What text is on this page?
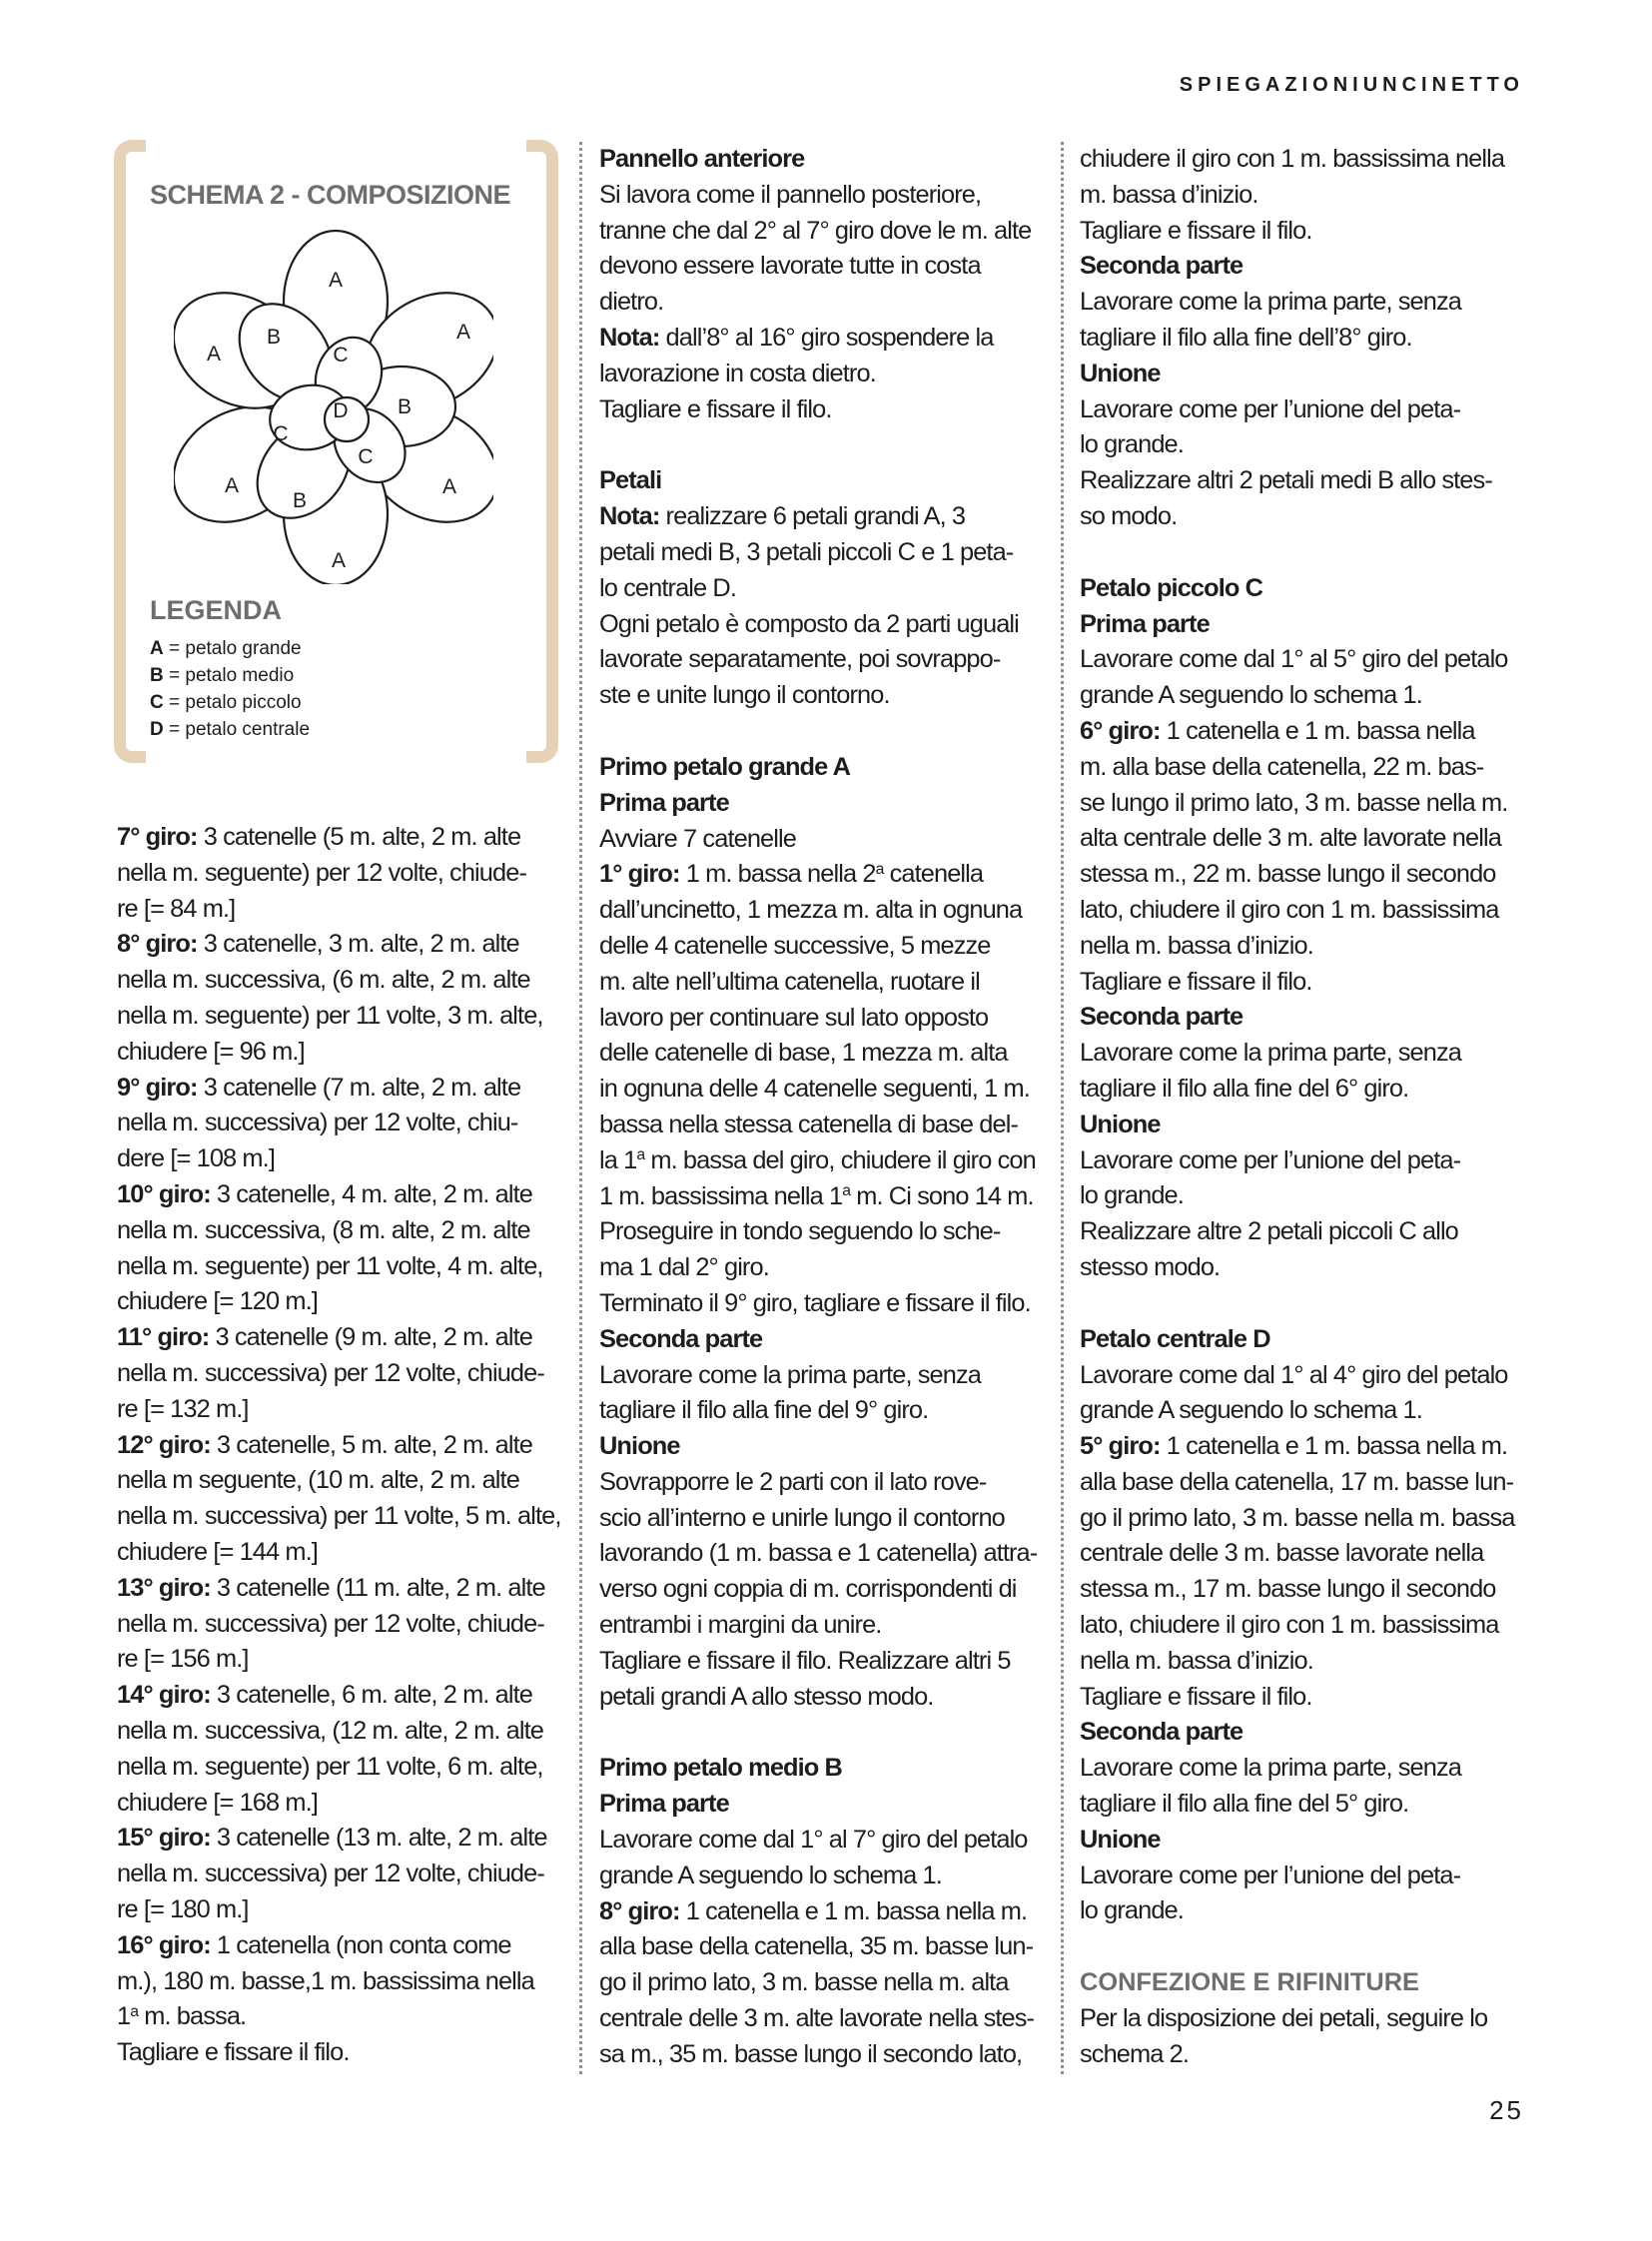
SPIEGAZIONIUNCINETTO
SCHEMA 2 - COMPOSIZIONE
A
A
A
A
A
A
B
B
B
C
C
C
D
LEGENDA
A = petalo grande
B = petalo medio
C = petalo piccolo
D = petalo centrale

7° giro: 3 catenelle (5 m. alte, 2 m. alte

nella m. seguente) per 12 volte, chiude-

re [= 84 m.]

8° giro: 3 catenelle, 3 m. alte, 2 m. alte

nella m. successiva, (6 m. alte, 2 m. alte

nella m. seguente) per 11 volte, 3 m. alte,

chiudere [= 96 m.]

9° giro: 3 catenelle (7 m. alte, 2 m. alte

nella m. successiva) per 12 volte, chiu-

dere [= 108 m.]

10° giro: 3 catenelle, 4 m. alte, 2 m. alte

nella m. successiva, (8 m. alte, 2 m. alte

nella m. seguente) per 11 volte, 4 m. alte,

chiudere [= 120 m.]

11° giro: 3 catenelle (9 m. alte, 2 m. alte

nella m. successiva) per 12 volte, chiude-

re [= 132 m.]

12° giro: 3 catenelle, 5 m. alte, 2 m. alte

nella m seguente, (10 m. alte, 2 m. alte

nella m. successiva) per 11 volte, 5 m. alte,

chiudere [= 144 m.]

13° giro: 3 catenelle (11 m. alte, 2 m. alte

nella m. successiva) per 12 volte, chiude-

re [= 156 m.]

14° giro: 3 catenelle, 6 m. alte, 2 m. alte

nella m. successiva, (12 m. alte, 2 m. alte

nella m. seguente) per 11 volte, 6 m. alte,

chiudere [= 168 m.]

15° giro: 3 catenelle (13 m. alte, 2 m. alte

nella m. successiva) per 12 volte, chiude-

re [= 180 m.]

16° giro: 1 catenella (non conta come

m.), 180 m. basse,1 m. bassissima nella

1$^a$ m. bassa.

Tagliare e fissare il filo.

Pannello anteriore

Si lavora come il pannello posteriore,

tranne che dal 2° al 7° giro dove le m. alte

devono essere lavorate tutte in costa

dietro.

Nota: dall’8° al 16° giro sospendere la

lavorazione in costa dietro.

Tagliare e fissare il filo.

Petali

Nota: realizzare 6 petali grandi A, 3

petali medi B, 3 petali piccoli C e 1 peta-

lo centrale D.

Ogni petalo è composto da 2 parti uguali

lavorate separatamente, poi sovrappo-

ste e unite lungo il contorno.

Primo petalo grande A

Prima parte

Avviare 7 catenelle

1° giro: 1 m. bassa nella 2$^a$ catenella

dall’uncinetto, 1 mezza m. alta in ognuna

delle 4 catenelle successive, 5 mezze

m. alte nell’ultima catenella, ruotare il

lavoro per continuare sul lato opposto

delle catenelle di base, 1 mezza m. alta

in ognuna delle 4 catenelle seguenti, 1 m.

bassa nella stessa catenella di base del-

la 1$^a$ m. bassa del giro, chiudere il giro con

1 m. bassissima nella 1$^a$ m. Ci sono 14 m.

Proseguire in tondo seguendo lo sche-

ma 1 dal 2° giro.

Terminato il 9° giro, tagliare e fissare il filo.

Seconda parte

Lavorare come la prima parte, senza

tagliare il filo alla fine del 9° giro.

Unione

Sovrapporre le 2 parti con il lato rove-

scio all’interno e unirle lungo il contorno

lavorando (1 m. bassa e 1 catenella) attra-

verso ogni coppia di m. corrispondenti di

entrambi i margini da unire.

Tagliare e fissare il filo. Realizzare altri 5

petali grandi A allo stesso modo.

Primo petalo medio B

Prima parte

Lavorare come dal 1° al 7° giro del petalo

grande A seguendo lo schema 1.

8° giro: 1 catenella e 1 m. bassa nella m.

alla base della catenella, 35 m. basse lun-

go il primo lato, 3 m. basse nella m. alta

centrale delle 3 m. alte lavorate nella stes-

sa m., 35 m. basse lungo il secondo lato,

chiudere il giro con 1 m. bassissima nella

m. bassa d’inizio.

Tagliare e fissare il filo.

Seconda parte

Lavorare come la prima parte, senza

tagliare il filo alla fine dell’8° giro.

Unione

Lavorare come per l’unione del peta-

lo grande.

Realizzare altri 2 petali medi B allo stes-

so modo.

Petalo piccolo C

Prima parte

Lavorare come dal 1° al 5° giro del petalo

grande A seguendo lo schema 1.

6° giro: 1 catenella e 1 m. bassa nella

m. alla base della catenella, 22 m. bas-

se lungo il primo lato, 3 m. basse nella m.

alta centrale delle 3 m. alte lavorate nella

stessa m., 22 m. basse lungo il secondo

lato, chiudere il giro con 1 m. bassissima

nella m. bassa d’inizio.

Tagliare e fissare il filo.

Seconda parte

Lavorare come la prima parte, senza

tagliare il filo alla fine del 6° giro.

Unione

Lavorare come per l’unione del peta-

lo grande.

Realizzare altre 2 petali piccoli C allo

stesso modo.

Petalo centrale D

Lavorare come dal 1° al 4° giro del petalo

grande A seguendo lo schema 1.

5° giro: 1 catenella e 1 m. bassa nella m.

alla base della catenella, 17 m. basse lun-

go il primo lato, 3 m. basse nella m. bassa

centrale delle 3 m. basse lavorate nella

stessa m., 17 m. basse lungo il secondo

lato, chiudere il giro con 1 m. bassissima

nella m. bassa d’inizio.

Tagliare e fissare il filo.

Seconda parte

Lavorare come la prima parte, senza

tagliare il filo alla fine del 5° giro.

Unione

Lavorare come per l’unione del peta-

lo grande.

CONFEZIONE E RIFINITURE

Per la disposizione dei petali, seguire lo

schema 2.

25
